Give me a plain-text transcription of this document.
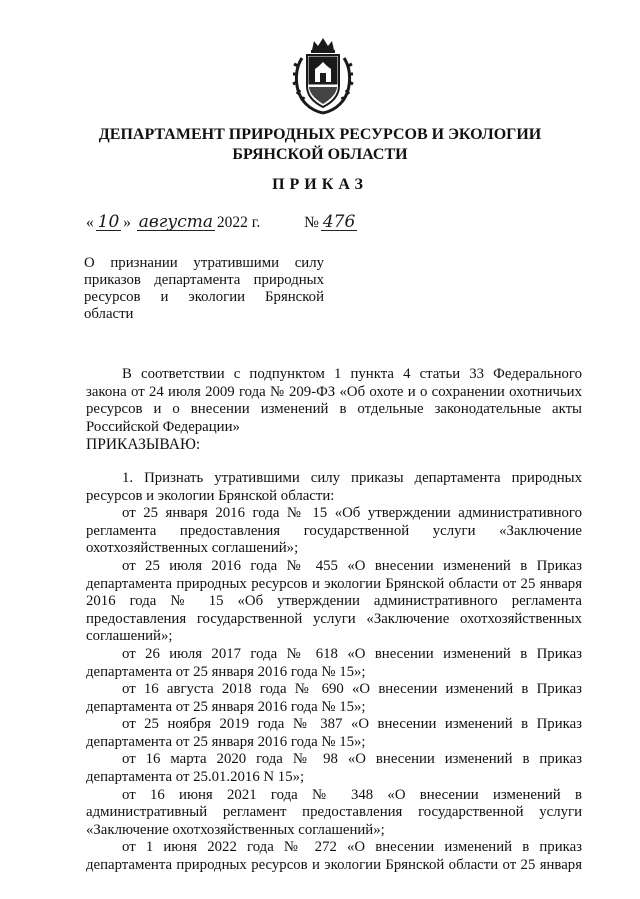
ДЕПАРТАМЕНТ ПРИРОДНЫХ РЕСУРСОВ И ЭКОЛОГИИ
БРЯНСКОЙ ОБЛАСТИ
ПРИКАЗ
« 10 » августа 2022 г.	№ 476
О признании утратившими силу
приказов департамента природных
ресурсов и экологии Брянской
области

В соответствии с подпунктом 1 пункта 4 статьи 33 Федерального
закона от 24 июля 2009 года № 209-ФЗ «Об охоте и о сохранении охотничьих
ресурсов и о внесении изменений в отдельные законодательные акты
Российской Федерации»

ПРИКАЗЫВАЮ:

1. Признать утратившими силу приказы департамента природных
ресурсов и экологии Брянской области:

от 25 января 2016 года № 15 «Об утверждении административного
регламента предоставления государственной услуги «Заключение
охотхозяйственных соглашений»;

от 25 июля 2016 года № 455 «О внесении изменений в Приказ
департамента природных ресурсов и экологии Брянской области от 25 января
2016 года № 15 «Об утверждении административного регламента
предоставления государственной услуги «Заключение охотхозяйственных
соглашений»;

от 26 июля 2017 года № 618 «О внесении изменений в Приказ
департамента от 25 января 2016 года № 15»;

от 16 августа 2018 года № 690 «О внесении изменений в Приказ
департамента от 25 января 2016 года № 15»;

от 25 ноября 2019 года № 387 «О внесении изменений в Приказ
департамента от 25 января 2016 года № 15»;

от 16 марта 2020 года № 98 «О внесении изменений в приказ
департамента от 25.01.2016 N 15»;

от 16 июня 2021 года № 348 «О внесении изменений в
административный регламент предоставления государственной услуги
«Заключение охотхозяйственных соглашений»;

от 1 июня 2022 года № 272 «О внесении изменений в приказ
департамента природных ресурсов и экологии Брянской области от 25 января
